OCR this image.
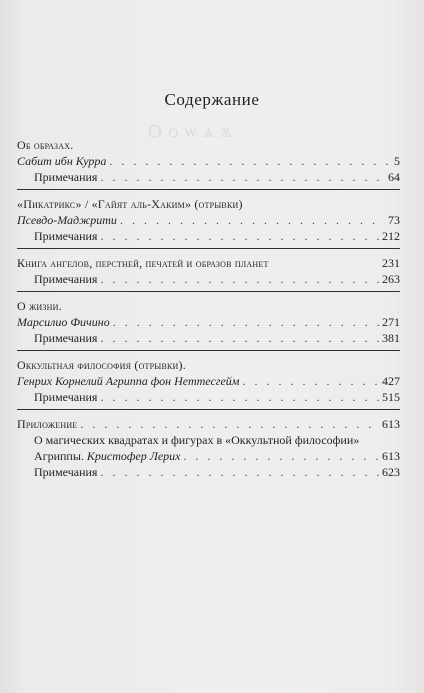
Ѻ ѻ ѡ ѧ ѫ
Содержание
Об образах.
Сабит ибн Курра . . .	5
Примечания . . .	64
«Пикатрикс» / «Гайят аль-Хаким» (отрывки)
Псевдо-Маджрити . . .	73
Примечания . . .	212
Книга ангелов, перстней, печатей и образов планет	231
Примечания . . .	263
О жизни.
Марсилио Фичино . . .	271
Примечания . . .	381
Оккультная философия (отрывки).
Генрих Корнелий Агриппа фон Неттесгейм . . .	427
Примечания . . .	515
Приложение . . .	613
О магических квадратах и фигурах в «Оккультной философии»
Агриппы. Кристофер Лерих . . .	613
Примечания . . .	623
